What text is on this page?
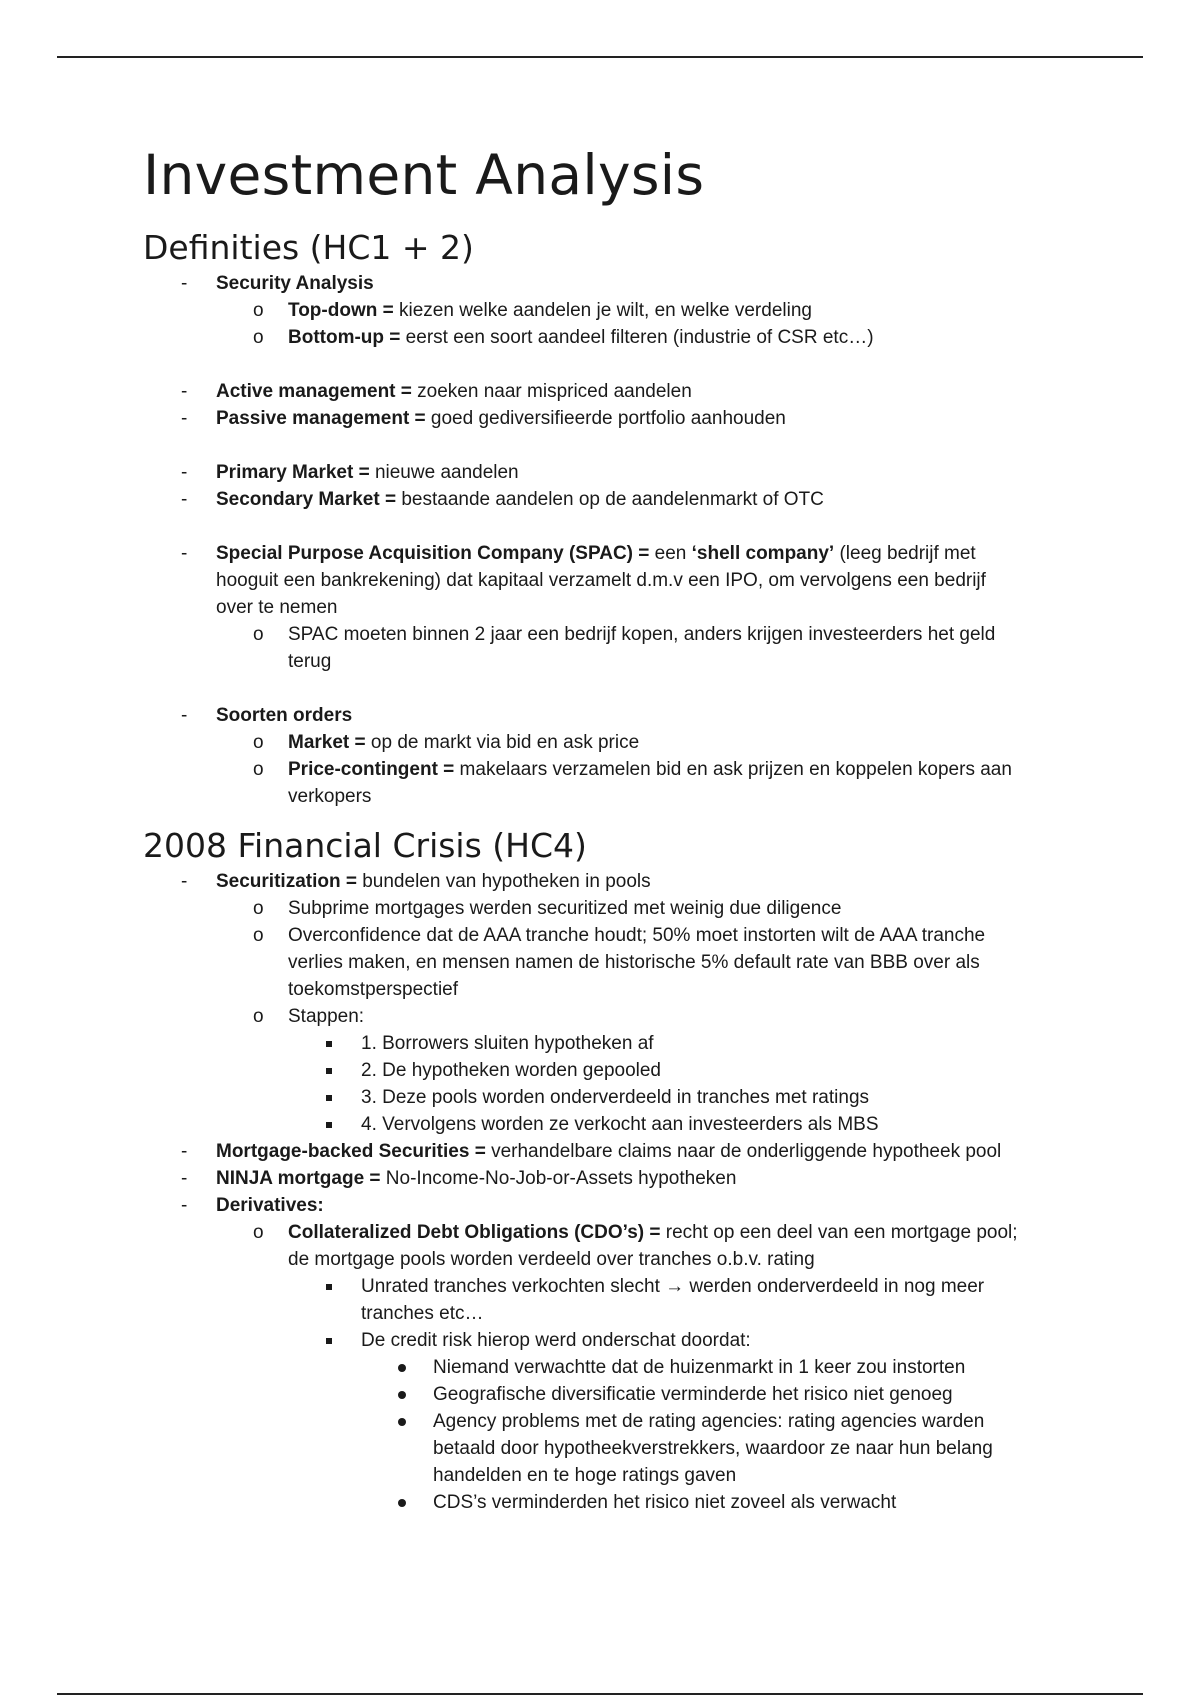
Investment Analysis
Definities (HC1 + 2)
- Security Analysis
o Top-down = kiezen welke aandelen je wilt, en welke verdeling
o Bottom-up = eerst een soort aandeel filteren (industrie of CSR etc…)
- Active management = zoeken naar mispriced aandelen
- Passive management = goed gediversifieerde portfolio aanhouden
- Primary Market = nieuwe aandelen
- Secondary Market = bestaande aandelen op de aandelenmarkt of OTC
- Special Purpose Acquisition Company (SPAC) = een ‘shell company’ (leeg bedrijf met
hooguit een bankrekening) dat kapitaal verzamelt d.m.v een IPO, om vervolgens een bedrijf
over te nemen
o SPAC moeten binnen 2 jaar een bedrijf kopen, anders krijgen investeerders het geld
terug
- Soorten orders
o Market = op de markt via bid en ask price
o Price-contingent = makelaars verzamelen bid en ask prijzen en koppelen kopers aan
verkopers
2008 Financial Crisis (HC4)
- Securitization = bundelen van hypotheken in pools
o Subprime mortgages werden securitized met weinig due diligence
o Overconfidence dat de AAA tranche houdt; 50% moet instorten wilt de AAA tranche
verlies maken, en mensen namen de historische 5% default rate van BBB over als
toekomstperspectief
o Stappen:
1. Borrowers sluiten hypotheken af
2. De hypotheken worden gepooled
3. Deze pools worden onderverdeeld in tranches met ratings
4. Vervolgens worden ze verkocht aan investeerders als MBS
- Mortgage-backed Securities = verhandelbare claims naar de onderliggende hypotheek pool
- NINJA mortgage = No-Income-No-Job-or-Assets hypotheken
- Derivatives:
o Collateralized Debt Obligations (CDO’s) = recht op een deel van een mortgage pool;
de mortgage pools worden verdeeld over tranches o.b.v. rating
Unrated tranches verkochten slecht → werden onderverdeeld in nog meer
tranches etc…
De credit risk hierop werd onderschat doordat:
Niemand verwachtte dat de huizenmarkt in 1 keer zou instorten
Geografische diversificatie verminderde het risico niet genoeg
Agency problems met de rating agencies: rating agencies warden
betaald door hypotheekverstrekkers, waardoor ze naar hun belang
handelden en te hoge ratings gaven
CDS’s verminderden het risico niet zoveel als verwacht
